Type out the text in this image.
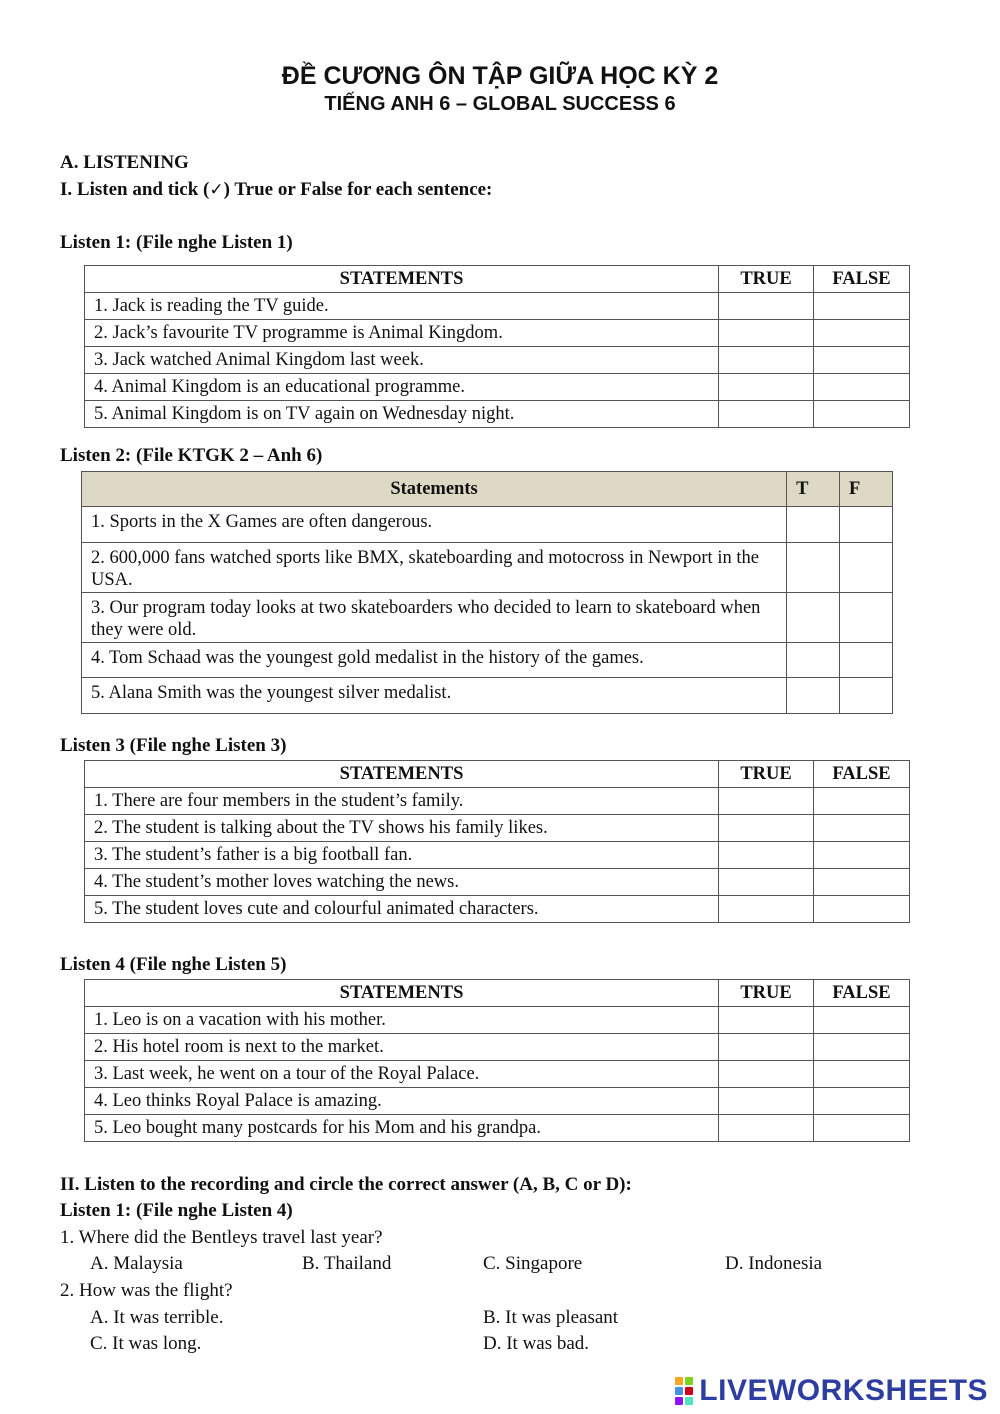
ĐỀ CƯƠNG ÔN TẬP GIỮA HỌC KỲ 2
TIẾNG ANH 6 – GLOBAL SUCCESS 6
A. LISTENING
I. Listen and tick (✓) True or False for each sentence:
Listen 1: (File nghe Listen 1)
STATEMENTS	TRUE	FALSE
1. Jack is reading the TV guide.		
2. Jack’s favourite TV programme is Animal Kingdom.		
3. Jack watched Animal Kingdom last week.		
4. Animal Kingdom is an educational programme.		
5. Animal Kingdom is on TV again on Wednesday night.		
Listen 2: (File KTGK 2 – Anh 6)
Statements	T	F
1. Sports in the X Games are often dangerous.		
2. 600,000 fans watched sports like BMX, skateboarding and motocross in Newport in the USA.		
3. Our program today looks at two skateboarders who decided to learn to skateboard when they were old.		
4. Tom Schaad was the youngest gold medalist in the history of the games.		
5. Alana Smith was the youngest silver medalist.		
Listen 3 (File nghe Listen 3)
STATEMENTS	TRUE	FALSE
1. There are four members in the student’s family.		
2. The student is talking about the TV shows his family likes.		
3. The student’s father is a big football fan.		
4. The student’s mother loves watching the news.		
5. The student loves cute and colourful animated characters.		
Listen 4 (File nghe Listen 5)
STATEMENTS	TRUE	FALSE
1. Leo is on a vacation with his mother.		
2. His hotel room is next to the market.		
3. Last week, he went on a tour of the Royal Palace.		
4. Leo thinks Royal Palace is amazing.		
5. Leo bought many postcards for his Mom and his grandpa.		
II. Listen to the recording and circle the correct answer (A, B, C or D):
Listen 1: (File nghe Listen 4)
1. Where did the Bentleys travel last year?
A. Malaysia	B. Thailand	C. Singapore	D. Indonesia
2. How was the flight?
A. It was terrible.	B. It was pleasant
C. It was long.	D. It was bad.
LIVEWORKSHEETS
